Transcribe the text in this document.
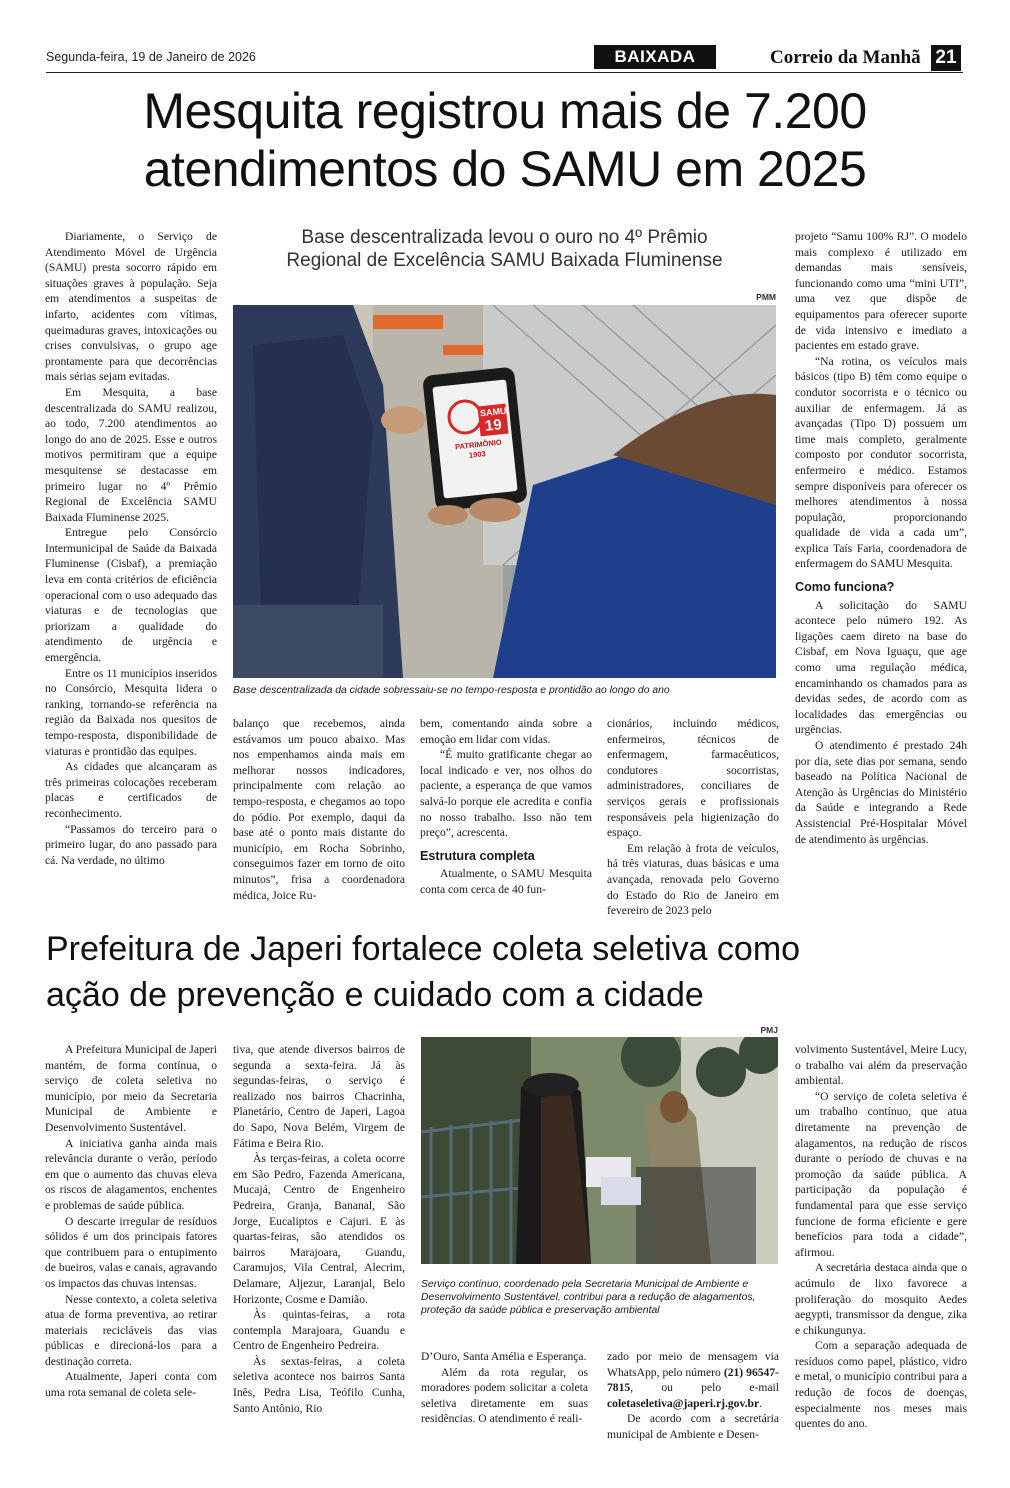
Segunda-feira, 19 de Janeiro de 2026	BAIXADA	Correio da Manhã 21
Mesquita registrou mais de 7.200
atendimentos do SAMU em 2025
Base descentralizada levou o ouro no 4º Prêmio
Regional de Excelência SAMU Baixada Fluminense
PMM
SAMU
19
PATRIMÔNIO
1903
Base descentralizada da cidade sobressaiu-se no tempo-resposta e prontidão ao longo do ano

Diariamente, o Serviço de Atendimento Móvel de Urgência (SAMU) presta socorro rápido em situações graves à população. Seja em atendimentos a suspeitas de infarto, acidentes com vítimas, queimaduras graves, intoxicações ou crises convulsivas, o grupo age prontamente para que decorrências mais sérias sejam evitadas.

Em Mesquita, a base descentralizada do SAMU realizou, ao todo, 7.200 atendimentos ao longo do ano de 2025. Esse e outros motivos permitiram que a equipe mesquitense se destacasse em primeiro lugar no 4º Prêmio Regional de Excelência SAMU Baixada Fluminense 2025.

Entregue pelo Consórcio Intermunicipal de Saúde da Baixada Fluminense (Cisbaf), a premiação leva em conta critérios de eficiência operacional com o uso adequado das viaturas e de tecnologias que priorizam a qualidade do atendimento de urgência e emergência.

Entre os 11 municípios inseridos no Consórcio, Mesquita lidera o ranking, tornando-se referência na região da Baixada nos quesitos de tempo-resposta, disponibilidade de viaturas e prontidão das equipes.

As cidades que alcançaram as três primeiras colocações receberam placas e certificados de reconhecimento.

“Passamos do terceiro para o primeiro lugar, do ano passado para cá. Na verdade, no último

balanço que recebemos, ainda estávamos um pouco abaixo. Mas nos empenhamos ainda mais em melhorar nossos indicadores, principalmente com relação ao tempo-resposta, e chegamos ao topo do pódio. Por exemplo, daqui da base até o ponto mais distante do município, em Rocha Sobrinho, conseguimos fazer em torno de oito minutos”, frisa a coordenadora médica, Joice Ru-

bem, comentando ainda sobre a emoção em lidar com vidas.

“É muito gratificante chegar ao local indicado e ver, nos olhos do paciente, a esperança de que vamos salvá-lo porque ele acredita e confia no nosso trabalho. Isso não tem preço”, acrescenta.

Estrutura completa

Atualmente, o SAMU Mesquita conta com cerca de 40 fun-

cionários, incluindo médicos, enfermeiros, técnicos de enfermagem, farmacêuticos, condutores socorristas, administradores, conciliares de serviços gerais e profissionais responsáveis pela higienização do espaço.

Em relação à frota de veículos, há três viaturas, duas básicas e uma avançada, renovada pelo Governo do Estado do Rio de Janeiro em fevereiro de 2023 pelo

projeto “Samu 100% RJ”. O modelo mais complexo é utilizado em demandas mais sensíveis, funcionando como uma “mini UTI”, uma vez que dispõe de equipamentos para oferecer suporte de vida intensivo e imediato a pacientes em estado grave.

“Na rotina, os veículos mais básicos (tipo B) têm como equipe o condutor socorrista e o técnico ou auxiliar de enfermagem. Já as avançadas (Tipo D) possuem um time mais completo, geralmente composto por condutor socorrista, enfermeiro e médico. Estamos sempre disponíveis para oferecer os melhores atendimentos à nossa população, proporcionando qualidade de vida a cada um”, explica Taís Faria, coordenadora de enfermagem do SAMU Mesquita.

Como funciona?

A solicitação do SAMU acontece pelo número 192. As ligações caem direto na base do Cisbaf, em Nova Iguaçu, que age como uma regulação médica, encaminhando os chamados para as devidas sedes, de acordo com as localidades das emergências ou urgências.

O atendimento é prestado 24h por dia, sete dias por semana, sendo baseado na Política Nacional de Atenção às Urgências do Ministério da Saúde e integrando a Rede Assistencial Pré-Hospitalar Móvel de atendimento às urgências.

Prefeitura de Japeri fortalece coleta seletiva como
ação de prevenção e cuidado com a cidade
PMJ
Serviço contínuo, coordenado pela Secretaria Municipal de Ambiente e Desenvolvimento Sustentável, contribui para a redução de alagamentos, proteção da saúde pública e preservação ambiental

A Prefeitura Municipal de Japeri mantém, de forma contínua, o serviço de coleta seletiva no município, por meio da Secretaria Municipal de Ambiente e Desenvolvimento Sustentável.

A iniciativa ganha ainda mais relevância durante o verão, período em que o aumento das chuvas eleva os riscos de alagamentos, enchentes e problemas de saúde pública.

O descarte irregular de resíduos sólidos é um dos principais fatores que contribuem para o entupimento de bueiros, valas e canais, agravando os impactos das chuvas intensas.

Nesse contexto, a coleta seletiva atua de forma preventiva, ao retirar materiais recicláveis das vias públicas e direcioná-los para a destinação correta.

Atualmente, Japeri conta com uma rota semanal de coleta sele-

tiva, que atende diversos bairros de segunda a sexta-feira. Já às segundas-feiras, o serviço é realizado nos bairros Chacrinha, Planetário, Centro de Japeri, Lagoa do Sapo, Nova Belém, Virgem de Fátima e Beira Rio.

Às terças-feiras, a coleta ocorre em São Pedro, Fazenda Americana, Mucajá, Centro de Engenheiro Pedreira, Granja, Bananal, São Jorge, Eucaliptos e Cajuri. E às quartas-feiras, são atendidos os bairros Marajoara, Guandu, Caramujos, Vila Central, Alecrim, Delamare, Aljezur, Laranjal, Belo Horizonte, Cosme e Damião.

Às quintas-feiras, a rota contempla Marajoara, Guandu e Centro de Engenheiro Pedreira.

Às sextas-feiras, a coleta seletiva acontece nos bairros Santa Inês, Pedra Lisa, Teófilo Cunha, Santo Antônio, Rio

D’Ouro, Santa Amélia e Esperança.

Além da rota regular, os moradores podem solicitar a coleta seletiva diretamente em suas residências. O atendimento é reali-

zado por meio de mensagem via WhatsApp, pelo número (21) 96547-7815, ou pelo e-mail coletaseletiva@japeri.rj.gov.br.

De acordo com a secretária municipal de Ambiente e Desen-

volvimento Sustentável, Meire Lucy, o trabalho vai além da preservação ambiental.

“O serviço de coleta seletiva é um trabalho contínuo, que atua diretamente na prevenção de alagamentos, na redução de riscos durante o período de chuvas e na promoção da saúde pública. A participação da população é fundamental para que esse serviço funcione de forma eficiente e gere benefícios para toda a cidade”, afirmou.

A secretária destaca ainda que o acúmulo de lixo favorece a proliferação do mosquito Aedes aegypti, transmissor da dengue, zika e chikungunya.

Com a separação adequada de resíduos como papel, plástico, vidro e metal, o município contribui para a redução de focos de doenças, especialmente nos meses mais quentes do ano.
